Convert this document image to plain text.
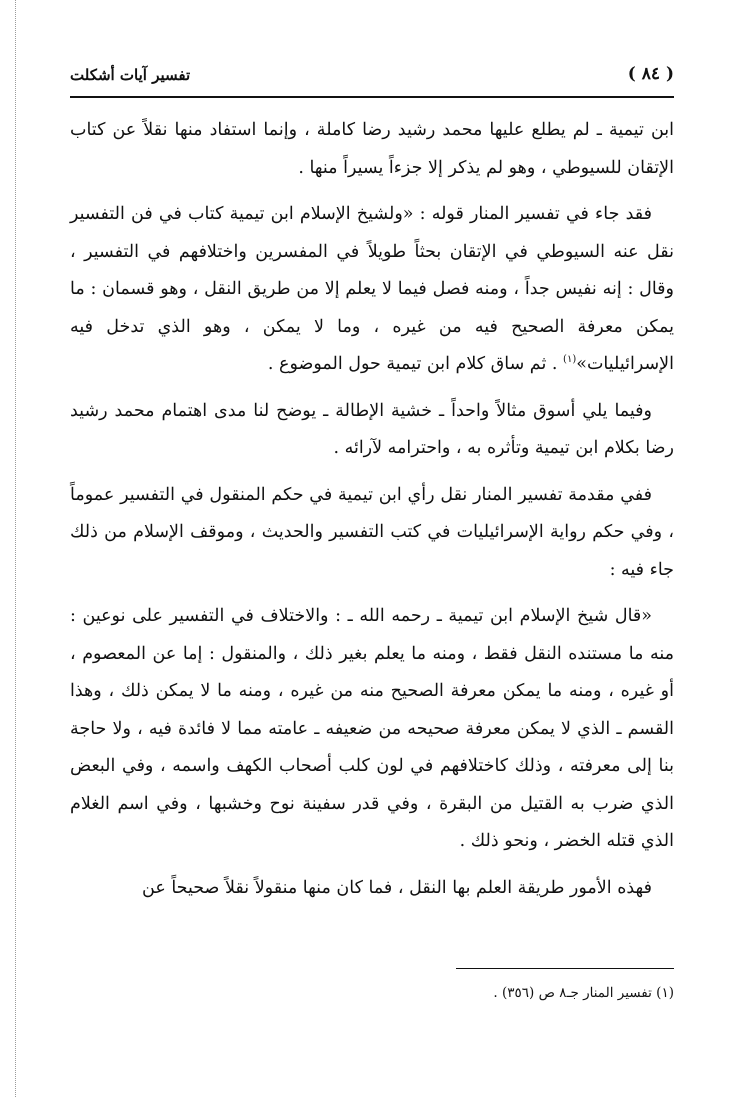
( ٨٤ )
تفسير آيات أشكلت

ابن تيمية ـ لم يطلع عليها محمد رشيد رضا كاملة ، وإنما استفاد منها نقلاً عن كتاب الإتقان للسيوطي ، وهو لم يذكر إلا جزءاً يسيراً منها .

فقد جاء في تفسير المنار قوله : «ولشيخ الإسلام ابن تيمية كتاب في فن التفسير نقل عنه السيوطي في الإتقان بحثاً طويلاً في المفسرين واختلافهم في التفسير ، وقال : إنه نفيس جداً ، ومنه فصل فيما لا يعلم إلا من طريق النقل ، وهو قسمان : ما يمكن معرفة الصحيح فيه من غيره ، وما لا يمكن ، وهو الذي تدخل فيه الإسرائيليات»$^{(١)}$ . ثم ساق كلام ابن تيمية حول الموضوع .

وفيما يلي أسوق مثالاً واحداً ـ خشية الإطالة ـ يوضح لنا مدى اهتمام محمد رشيد رضا بكلام ابن تيمية وتأثره به ، واحترامه لآرائه .

ففي مقدمة تفسير المنار نقل رأي ابن تيمية في حكم المنقول في التفسير عموماً ، وفي حكم رواية الإسرائيليات في كتب التفسير والحديث ، وموقف الإسلام من ذلك جاء فيه :

«قال شيخ الإسلام ابن تيمية ـ رحمه الله ـ : والاختلاف في التفسير على نوعين : منه ما مستنده النقل فقط ، ومنه ما يعلم بغير ذلك ، والمنقول : إما عن المعصوم ، أو غيره ، ومنه ما يمكن معرفة الصحيح منه من غيره ، ومنه ما لا يمكن ذلك ، وهذا القسم ـ الذي لا يمكن معرفة صحيحه من ضعيفه ـ عامته مما لا فائدة فيه ، ولا حاجة بنا إلى معرفته ، وذلك كاختلافهم في لون كلب أصحاب الكهف واسمه ، وفي البعض الذي ضرب به القتيل من البقرة ، وفي قدر سفينة نوح وخشبها ، وفي اسم الغلام الذي قتله الخضر ، ونحو ذلك .

فهذه الأمور طريقة العلم بها النقل ، فما كان منها منقولاً نقلاً صحيحاً عن

(١) تفسير المنار جـ٨ ص (٣٥٦) .
